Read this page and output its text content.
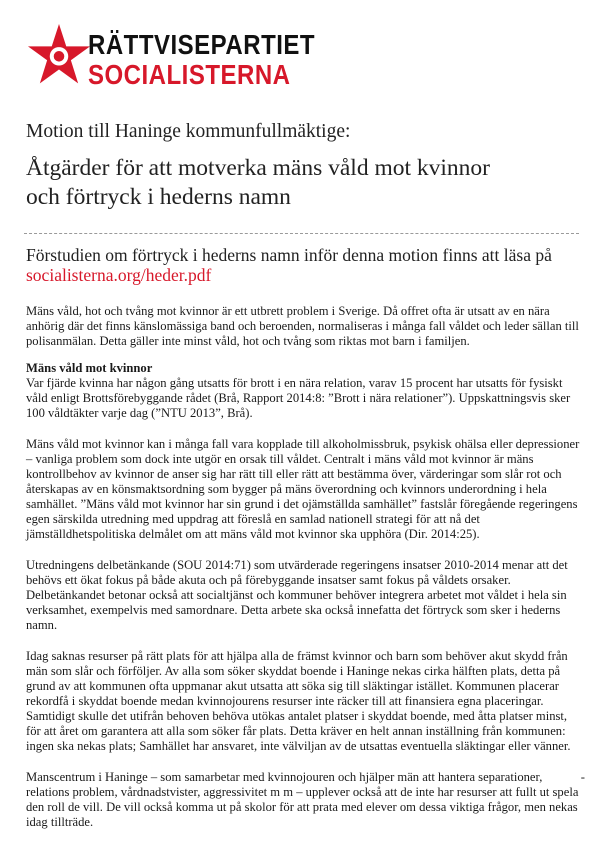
RÄTTVISEPARTIET
SOCIALISTERNA
Motion till Haninge kommunfullmäktige:
Åtgärder för att motverka mäns våld mot kvinnor
och förtryck i hederns namn
Förstudien om förtryck i hederns namn inför denna motion finns att läsa på
socialisterna.org/heder.pdf

Mäns våld, hot och tvång mot kvinnor är ett utbrett problem i Sverige. Då offret ofta är utsatt av en nära anhörig där det finns känslomässiga band och beroenden, normaliseras i många fall våldet och leder sällan till polisanmälan. Detta gäller inte minst våld, hot och tvång som riktas mot barn i familjen.

Mäns våld mot kvinnor

Var fjärde kvinna har någon gång utsatts för brott i en nära relation, varav 15 procent har utsatts för fysiskt våld enligt Brottsförebyggande rådet (Brå, Rapport 2014:8: ”Brott i nära relationer”). Uppskattningsvis sker 100 våldtäkter varje dag (”NTU 2013”, Brå).

Mäns våld mot kvinnor kan i många fall vara kopplade till alkoholmissbruk, psykisk ohälsa eller depressioner – vanliga problem som dock inte utgör en orsak till våldet. Centralt i mäns våld mot kvinnor är mäns kontrollbehov av kvinnor de anser sig har rätt till eller rätt att bestämma över, värderingar som slår rot och återskapas av en könsmaktsordning som bygger på mäns överordning och kvinnors underordning i hela samhället. ”Mäns våld mot kvinnor har sin grund i det ojämställda samhället” fastslår föregående regeringens egen särskilda utredning med uppdrag att föreslå en samlad nationell strategi för att nå det jämställdhetspolitiska delmålet om att mäns våld mot kvinnor ska upphöra (Dir. 2014:25).

Utredningens delbetänkande (SOU 2014:71) som utvärderade regeringens insatser 2010-2014 menar att det behövs ett ökat fokus på både akuta och på förebyggande insatser samt fokus på våldets orsaker. Delbetänkandet betonar också att socialtjänst och kommuner behöver integrera arbetet mot våldet i hela sin verksamhet, exempelvis med samordnare. Detta arbete ska också innefatta det förtryck som sker i hederns namn.

Idag saknas resurser på rätt plats för att hjälpa alla de främst kvinnor och barn som behöver akut skydd från män som slår och förföljer. Av alla som söker skyddat boende i Haninge nekas cirka hälften plats, detta på grund av att kommunen ofta uppmanar akut utsatta att söka sig till släktingar istället. Kommunen placerar rekordfå i skyddat boende medan kvinnojourens resurser inte räcker till att finansiera egna placeringar. Samtidigt skulle det utifrån behoven behöva utökas antalet platser i skyddat boende, med åtta platser minst, för att året om garantera att alla som söker får plats. Detta kräver en helt annan inställning från kommunen: ingen ska nekas plats; Samhället har ansvaret, inte välviljan av de utsattas eventuella släktingar eller vänner.

Manscentrum i Haninge – som samarbetar med kvinnojouren och hjälper män att hantera separationer, relations problem, vårdnadstvister, aggressivitet m m – upplever också att de inte har resurser att fullt ut spela den roll de vill. De vill också komma ut på skolor för att prata med elever om dessa viktiga frågor, men nekas idag tillträde.
-
